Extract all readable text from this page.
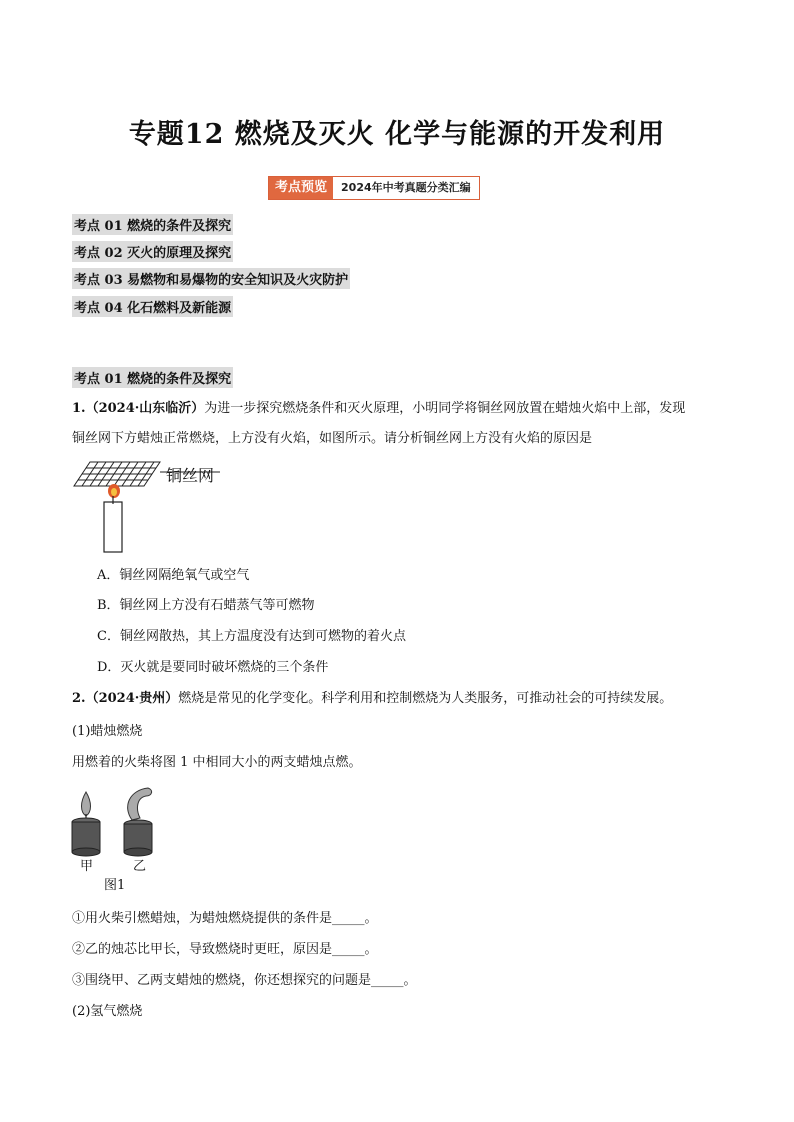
专题12 燃烧及灭火 化学与能源的开发利用
考点预览	2024年中考真题分类汇编
考点 01 燃烧的条件及探究
考点 02 灭火的原理及探究
考点 03 易燃物和易爆物的安全知识及火灾防护
考点 04 化石燃料及新能源
考点 01 燃烧的条件及探究
1.（2024·山东临沂）为进一步探究燃烧条件和灭火原理，小明同学将铜丝网放置在蜡烛火焰中上部，发现
铜丝网下方蜡烛正常燃烧，上方没有火焰，如图所示。请分析铜丝网上方没有火焰的原因是
铜丝网
A．铜丝网隔绝氧气或空气
B．铜丝网上方没有石蜡蒸气等可燃物
C．铜丝网散热，其上方温度没有达到可燃物的着火点
D．灭火就是要同时破坏燃烧的三个条件
2.（2024·贵州）燃烧是常见的化学变化。科学利用和控制燃烧为人类服务，可推动社会的可持续发展。
(1)蜡烛燃烧
用燃着的火柴将图 1 中相同大小的两支蜡烛点燃。
甲	乙
图1
①用火柴引燃蜡烛，为蜡烛燃烧提供的条件是_____。
②乙的烛芯比甲长，导致燃烧时更旺，原因是_____。
③围绕甲、乙两支蜡烛的燃烧，你还想探究的问题是_____。
(2)氢气燃烧
